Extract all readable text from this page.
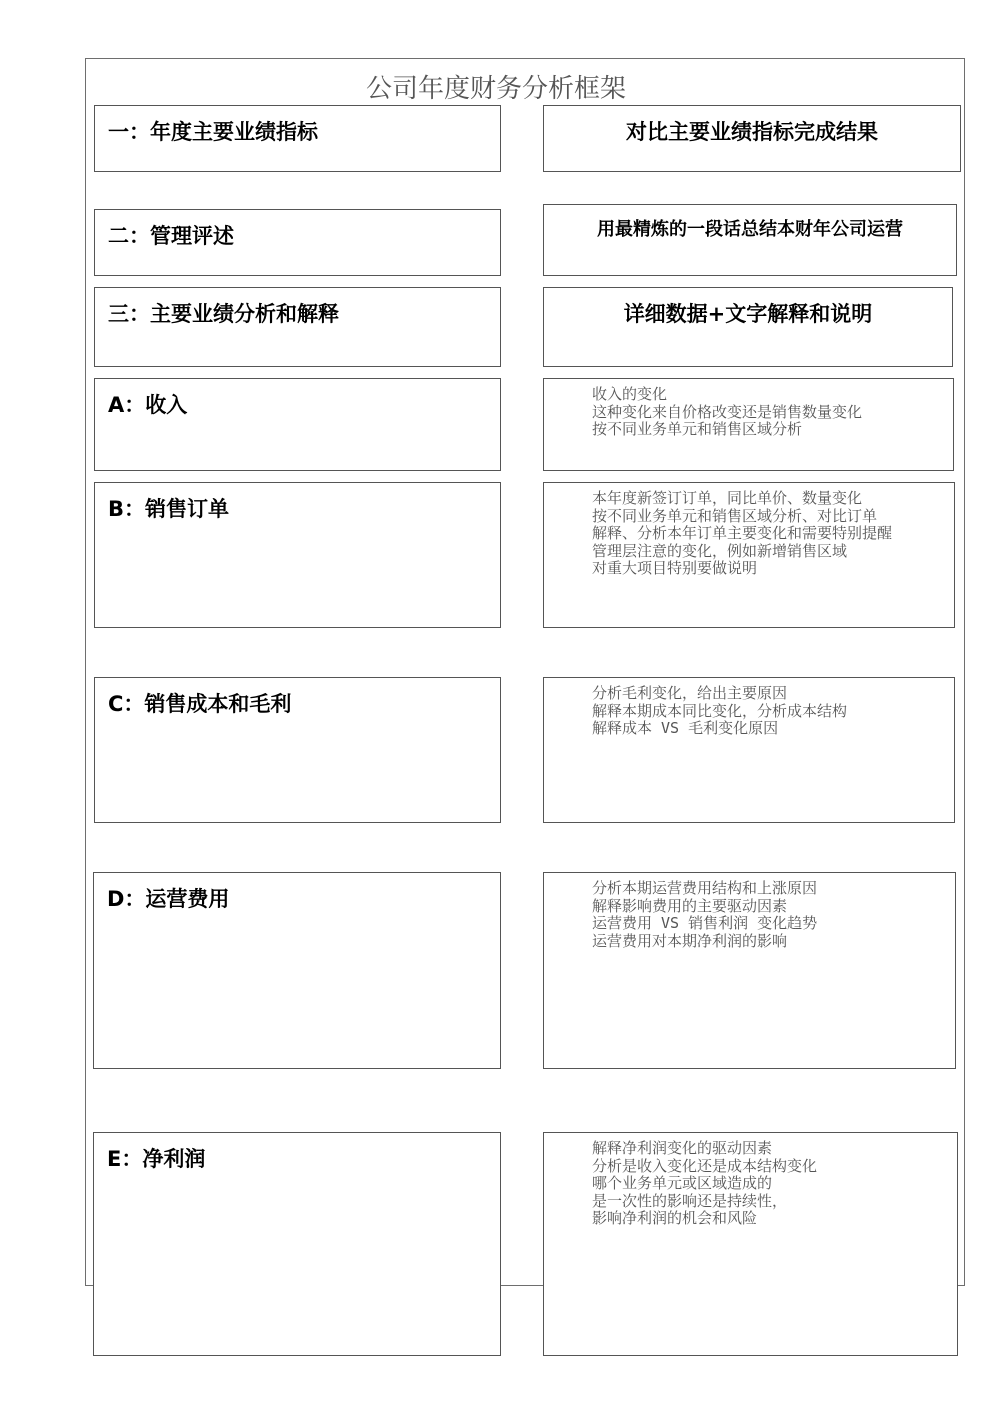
公司年度财务分析框架
一：年度主要业绩指标	对比主要业绩指标完成结果
二：管理评述	用最精炼的一段话总结本财年公司运营
三：主要业绩分析和解释	详细数据+文字解释和说明
A：收入	收入的变化
这种变化来自价格改变还是销售数量变化
按不同业务单元和销售区域分析
B：销售订单	本年度新签订订单，同比单价、数量变化
按不同业务单元和销售区域分析、对比订单
解释、分析本年订单主要变化和需要特别提醒
管理层注意的变化，例如新增销售区域
对重大项目特别要做说明
C：销售成本和毛利	分析毛利变化，给出主要原因
解释本期成本同比变化，分析成本结构
解释成本 VS 毛利变化原因
D：运营费用	分析本期运营费用结构和上涨原因
解释影响费用的主要驱动因素
运营费用 VS 销售利润 变化趋势
运营费用对本期净利润的影响
E：净利润	解释净利润变化的驱动因素
分析是收入变化还是成本结构变化
哪个业务单元或区域造成的
是一次性的影响还是持续性，
影响净利润的机会和风险
